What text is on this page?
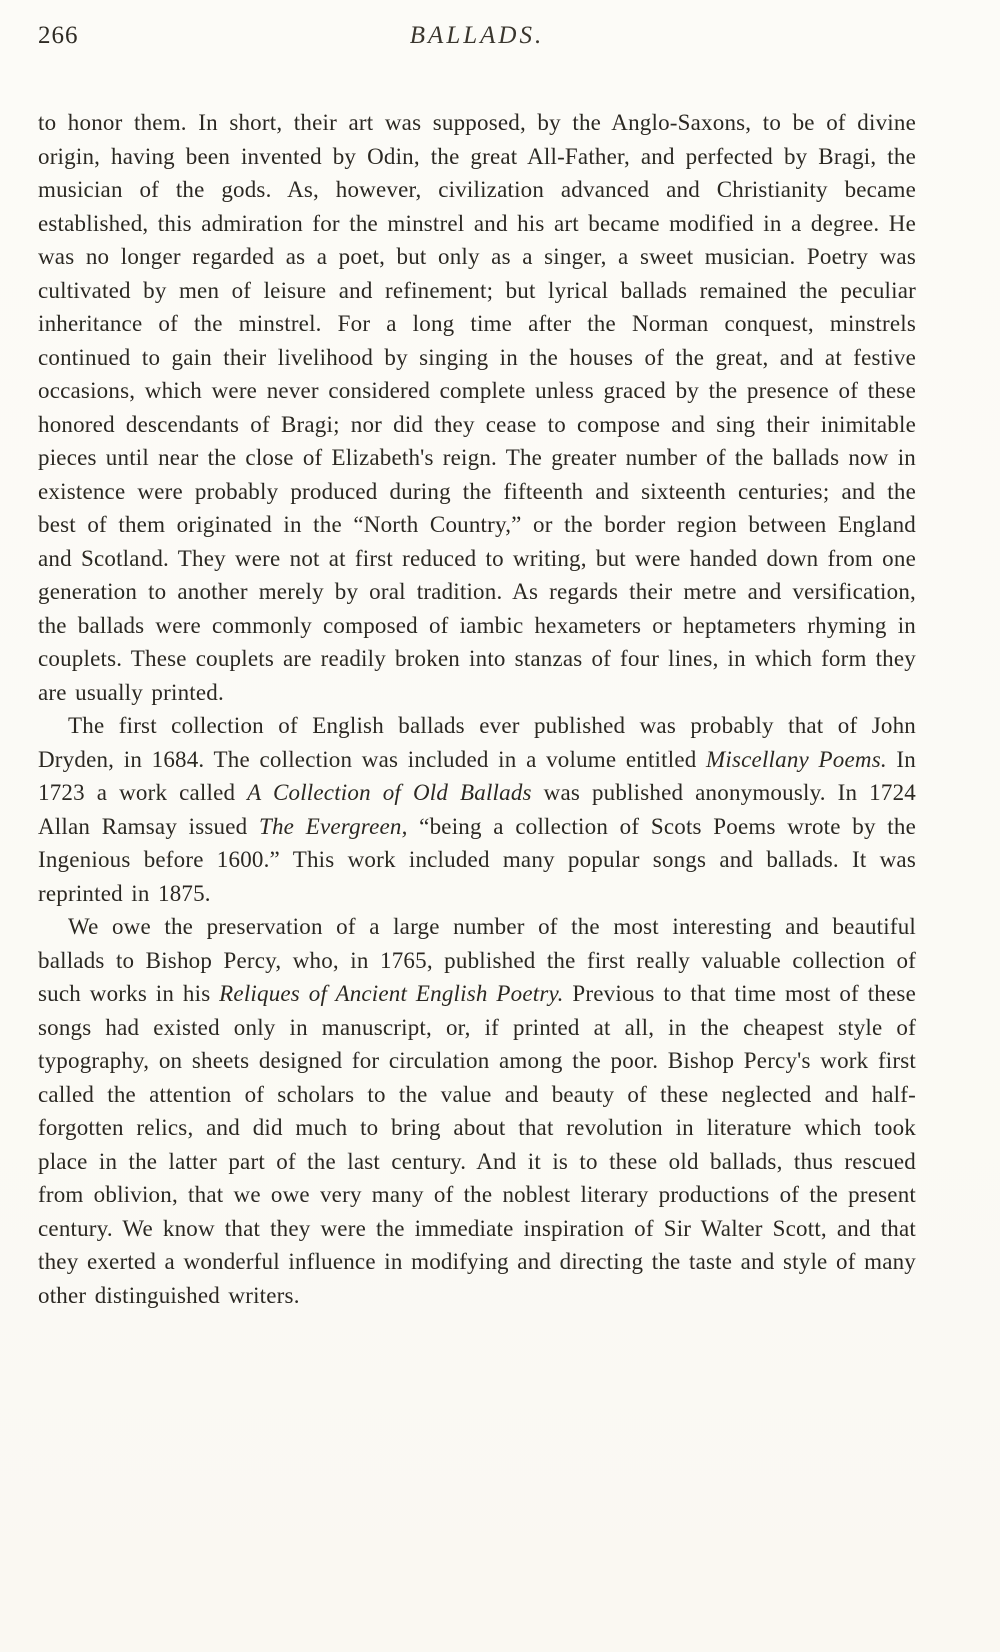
266	BALLADS.

to honor them. In short, their art was supposed, by the Anglo-Saxons, to be of divine origin, having been invented by Odin, the great All-Father, and perfected by Bragi, the musician of the gods. As, however, civilization advanced and Christianity became established, this admiration for the minstrel and his art became modified in a degree. He was no longer regarded as a poet, but only as a singer, a sweet musician. Poetry was cultivated by men of leisure and refinement; but lyrical ballads remained the peculiar inheritance of the minstrel. For a long time after the Norman conquest, minstrels continued to gain their livelihood by singing in the houses of the great, and at festive occasions, which were never considered complete unless graced by the presence of these honored descendants of Bragi; nor did they cease to compose and sing their inimitable pieces until near the close of Elizabeth's reign. The greater number of the ballads now in existence were probably produced during the fifteenth and sixteenth centuries; and the best of them originated in the “North Country,” or the border region between England and Scotland. They were not at first reduced to writing, but were handed down from one generation to another merely by oral tradition. As regards their metre and versification, the ballads were commonly composed of iambic hexameters or heptameters rhyming in couplets. These couplets are readily broken into stanzas of four lines, in which form they are usually printed.

The first collection of English ballads ever published was probably that of John Dryden, in 1684. The collection was included in a volume entitled Miscellany Poems. In 1723 a work called A Collection of Old Ballads was published anonymously. In 1724 Allan Ramsay issued The Evergreen, “being a collection of Scots Poems wrote by the Ingenious before 1600.” This work included many popular songs and ballads. It was reprinted in 1875.

We owe the preservation of a large number of the most interesting and beautiful ballads to Bishop Percy, who, in 1765, published the first really valuable collection of such works in his Reliques of Ancient English Poetry. Previous to that time most of these songs had existed only in manuscript, or, if printed at all, in the cheapest style of typography, on sheets designed for circulation among the poor. Bishop Percy's work first called the attention of scholars to the value and beauty of these neglected and half-forgotten relics, and did much to bring about that revolution in literature which took place in the latter part of the last century. And it is to these old ballads, thus rescued from oblivion, that we owe very many of the noblest literary productions of the present century. We know that they were the immediate inspiration of Sir Walter Scott, and that they exerted a wonderful influence in modifying and directing the taste and style of many other distinguished writers.
